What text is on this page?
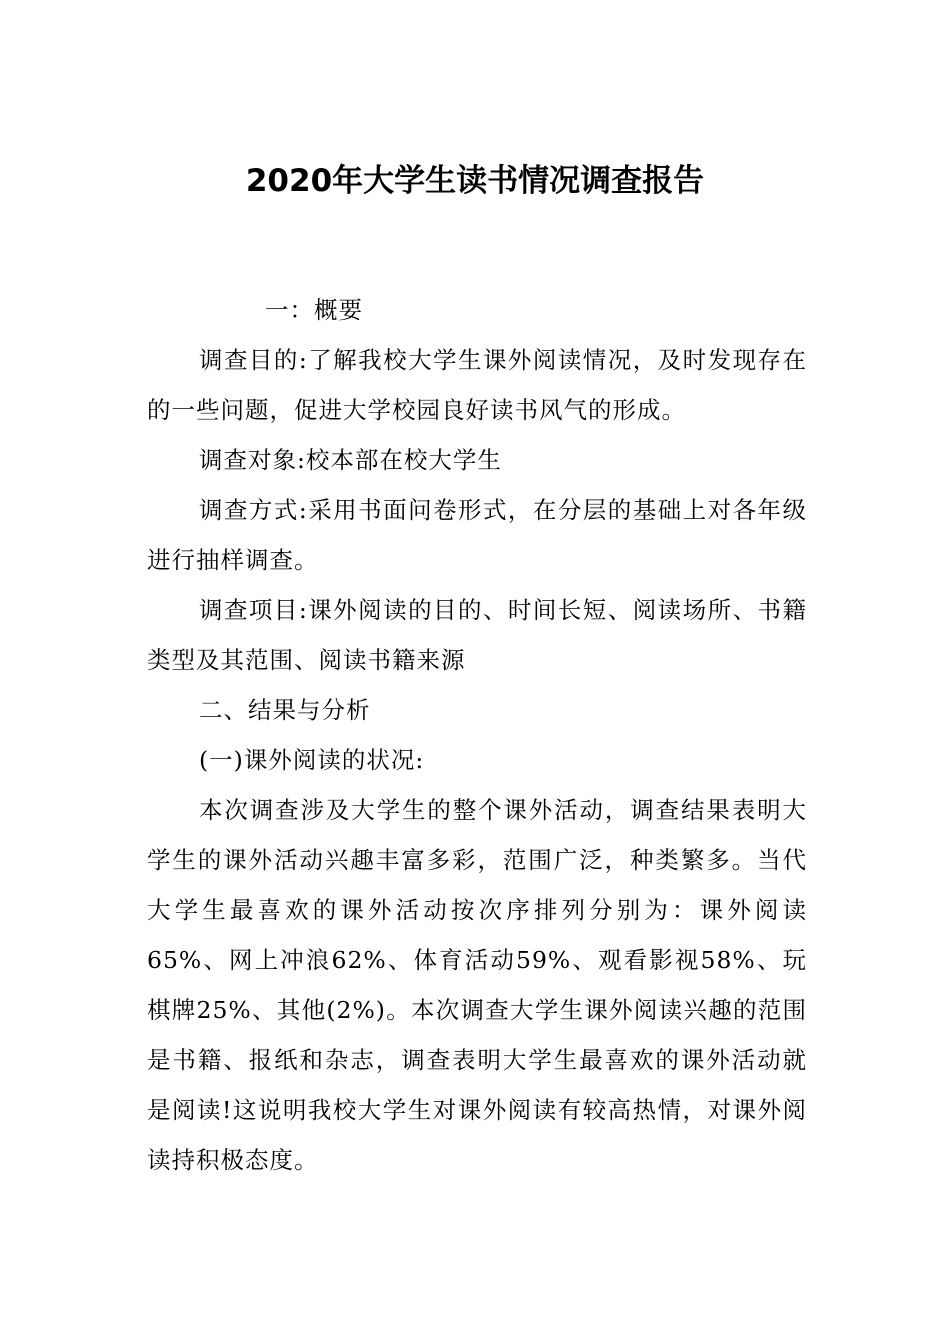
2020年大学生读书情况调查报告

一：概要

调查目的:了解我校大学生课外阅读情况，及时发现存在的一些问题，促进大学校园良好读书风气的形成。

调查对象:校本部在校大学生

调查方式:采用书面问卷形式，在分层的基础上对各年级进行抽样调查。

调查项目:课外阅读的目的、时间长短、阅读场所、书籍类型及其范围、阅读书籍来源

二、结果与分析

(一)课外阅读的状况:

本次调查涉及大学生的整个课外活动，调查结果表明大学生的课外活动兴趣丰富多彩，范围广泛，种类繁多。当代大学生最喜欢的课外活动按次序排列分别为：课外阅读65%、网上冲浪62%、体育活动59%、观看影视58%、玩棋牌25%、其他(2%)。本次调查大学生课外阅读兴趣的范围是书籍、报纸和杂志，调查表明大学生最喜欢的课外活动就是阅读!这说明我校大学生对课外阅读有较高热情，对课外阅读持积极态度。
